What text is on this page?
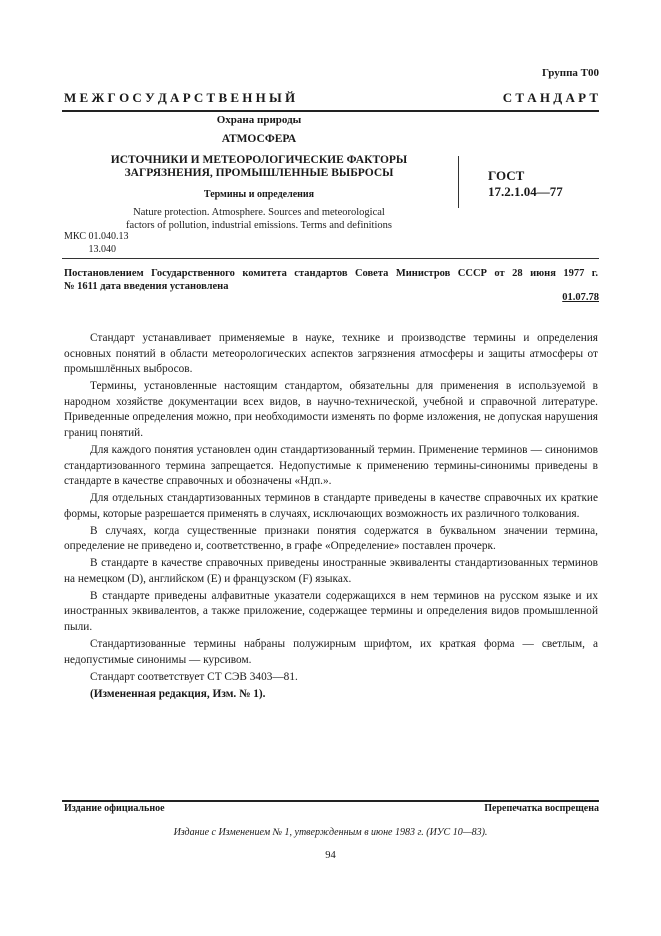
Группа Т00
М Е Ж Г О С У Д А Р С Т В Е Н Н Ы Й	С Т А Н Д А Р Т
Охрана природы
АТМОСФЕРА
ИСТОЧНИКИ И МЕТЕОРОЛОГИЧЕСКИЕ ФАКТОРЫ
ЗАГРЯЗНЕНИЯ, ПРОМЫШЛЕННЫЕ ВЫБРОСЫ
Термины и определения
Nature protection. Atmosphere. Sources and meteorological
factors of pollution, industrial emissions. Terms and definitions
ГОСТ
17.2.1.04—77
МКС 01.040.13
13.040
Постановлением Государственного комитета стандартов Совета Министров СССР от 28 июня 1977 г.
№ 1611 дата введения установлена
01.07.78

Стандарт устанавливает применяемые в науке, технике и производстве термины и определения основных понятий в области метеорологических аспектов загрязнения атмосферы и защиты атмосферы от промышлённых выбросов.

Термины, установленные настоящим стандартом, обязательны для применения в используемой в народном хозяйстве документации всех видов, в научно-технической, учебной и справочной литературе. Приведенные определения можно, при необходимости изменять по форме изложения, не допуская нарушения границ понятий.

Для каждого понятия установлен один стандартизованный термин. Применение терминов — синонимов стандартизованного термина запрещается. Недопустимые к применению термины-синонимы приведены в стандарте в качестве справочных и обозначены «Ндп.».

Для отдельных стандартизованных терминов в стандарте приведены в качестве справочных их краткие формы, которые разрешается применять в случаях, исключающих возможность их различного толкования.

В случаях, когда существенные признаки понятия содержатся в буквальном значении термина, определение не приведено и, соответственно, в графе «Определение» поставлен прочерк.

В стандарте в качестве справочных приведены иностранные эквиваленты стандартизованных терминов на немецком (D), английском (Е) и французском (F) языках.

В стандарте приведены алфавитные указатели содержащихся в нем терминов на русском языке и их иностранных эквивалентов, а также приложение, содержащее термины и определения видов промышленной пыли.

Стандартизованные термины набраны полужирным шрифтом, их краткая форма — светлым, а недопустимые синонимы — курсивом.

Стандарт соответствует СТ СЭВ 3403—81.

(Измененная редакция, Изм. № 1).

Издание официальное	Перепечатка воспрещена
Издание с Изменением № 1, утвержденным в июне 1983 г. (ИУС 10—83).
94
